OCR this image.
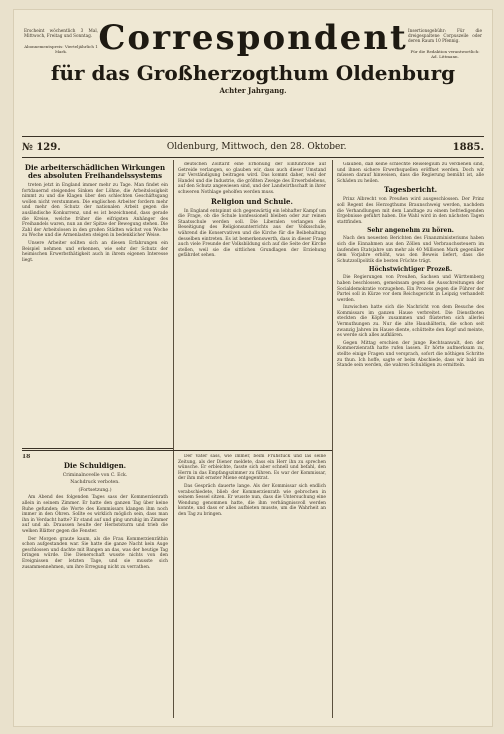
Erscheint wöchentlich 3 Mal, Mittwoch, Freitag und Sonntag.
Abonnementspreis: Vierteljährlich 1 Mark. Correspondent
für das Großherzogthum Oldenburg
Achter Jahrgang.
Insertionsgebühr: Für die dreigespaltene Corpuszeile oder deren Raum 10 Pfennig.
Für die Redaktion verantwortlich: Ad. Littmann.
№ 129.	Oldenburg, Mittwoch, den 28. Oktober.	1885.
Die arbeiterschädlichen Wirkungen des absoluten Freihandelssystems

treten jetzt in England immer mehr zu Tage. Man findet ein fortdauernd steigendes Sinken der Löhne, die Arbeitslosigkeit nimmt zu und die Klagen über den schlechten Geschäftsgang wollen nicht verstummen. Die englischen Arbeiter fordern mehr und mehr den Schutz der nationalen Arbeit gegen die ausländische Konkurrenz, und es ist bezeichnend, dass gerade die Kreise, welche früher die eifrigsten Anhänger des Freihandels waren, nun an der Spitze der Bewegung stehen. Die Zahl der Arbeitslosen in den großen Städten wächst von Woche zu Woche und die Armenlasten steigen in bedenklicher Weise.

Unsere Arbeiter sollten sich an diesen Erfahrungen ein Beispiel nehmen und erkennen, wie sehr der Schutz der heimischen Erwerbsthätigkeit auch in ihrem eigenen Interesse liegt.

deutschen Zolltarif eine Erhöhung der Einfuhrzölle auf Getreide verlangen, so glauben wir, dass auch dieser Umstand zur Verständigung beitragen wird. Das kommt daher, weil der Handel und die Industrie, die größten Zweige des Erwerbslebens, auf den Schutz angewiesen sind, und der Landwirthschaft in ihrer schweren Nothlage geholfen werden muss.

Religion und Schule.

In England entspinnt sich gegenwärtig ein lebhafter Kampf um die Frage, ob die Schule konfessionell bleiben oder zur reinen Staatsschule werden soll. Die Liberalen verlangen die Beseitigung des Religionsunterrichts aus der Volksschule, während die Konservativen und die Kirche für die Beibehaltung desselben eintreten. Es ist bemerkenswerth, dass in dieser Frage auch viele Freunde der Volksbildung sich auf die Seite der Kirche stellen, weil sie die sittlichen Grundlagen der Erziehung gefährdet sehen.

Glauben, daß keine schlechte Reiselegium zu verdienen sind, und ihnen sichere Erwerbsquellen eröffnet werden. Doch wir müssen darauf hinweisen, dass die Regierung bemüht ist, alle Schäden zu heilen.

Tagesbericht.

Prinz Albrecht von Preußen wird ausgeschlossen. Der Prinz soll Regent des Herzogthums Braunschweig werden, nachdem die Verhandlungen mit dem Landtage zu einem befriedigenden Ergebnisse geführt haben. Die Wahl wird in den nächsten Tagen stattfinden.

Sehr angenehm zu hören.

Nach den neuesten Berichten des Finanzministeriums haben sich die Einnahmen aus den Zöllen und Verbrauchssteuern im laufenden Etatsjahre um mehr als 40 Millionen Mark gegenüber dem Vorjahre erhöht, was den Beweis liefert, dass die Schutzzollpolitik die besten Früchte trägt.

Höchstwichtiger Prozeß.

Die Regierungen von Preußen, Sachsen und Württemberg haben beschlossen, gemeinsam gegen die Ausschreitungen der Socialdemokratie vorzugehen. Ein Prozess gegen die Führer der Partei soll in Kürze vor dem Reichsgericht in Leipzig verhandelt werden.

Inzwischen hatte sich die Nachricht von dem Besuche des Kommissars im ganzen Hause verbreitet. Die Dienstboten steckten die Köpfe zusammen und flüsterten sich allerlei Vermuthungen zu. Nur die alte Haushälterin, die schon seit zwanzig Jahren im Hause diente, schüttelte den Kopf und meinte, es werde sich alles aufklären.

Gegen Mittag erschien der junge Rechtsanwalt, den der Kommerzienrath hatte rufen lassen. Er hörte aufmerksam zu, stellte einige Fragen und versprach, sofort die nöthigen Schritte zu thun. Ich hoffe, sagte er beim Abschiede, dass wir bald im Stande sein werden, die wahren Schuldigen zu ermitteln.

18
Die Schuldigen.
Criminalnovelle von C. Eck.
Nachdruck verboten.
(Fortsetzung.)

Am Abend des folgenden Tages sass der Kommerzienrath allein in seinem Zimmer. Er hatte den ganzen Tag über keine Ruhe gefunden; die Worte des Kommissars klangen ihm noch immer in den Ohren. Sollte es wirklich möglich sein, dass man ihn in Verdacht hatte? Er stand auf und ging unruhig im Zimmer auf und ab. Draussen heulte der Herbststurm und trieb die welken Blätter gegen die Fenster.

Der Morgen graute kaum, als die Frau Kommerzienräthin schon aufgestanden war. Sie hatte die ganze Nacht kein Auge geschlossen und dachte mit Bangen an das, was der heutige Tag bringen würde. Die Dienerschaft wusste nichts von den Ereignissen der letzten Tage, und sie musste sich zusammennehmen, um ihre Erregung nicht zu verrathen.

Der Vater sass, wie immer, beim Frühstück und las seine Zeitung, als der Diener meldete, dass ein Herr ihn zu sprechen wünsche. Er erbleichte, fasste sich aber schnell und befahl, den Herrn in das Empfangszimmer zu führen. Es war der Kommissar, der ihm mit ernster Miene entgegentrat.

Das Gespräch dauerte lange. Als der Kommissar sich endlich verabschiedete, blieb der Kommerzienrath wie gebrochen in seinem Sessel sitzen. Er wusste nun, dass die Untersuchung eine Wendung genommen hatte, die ihm verhängnissvoll werden konnte, und dass er alles aufbieten musste, um die Wahrheit an den Tag zu bringen.
